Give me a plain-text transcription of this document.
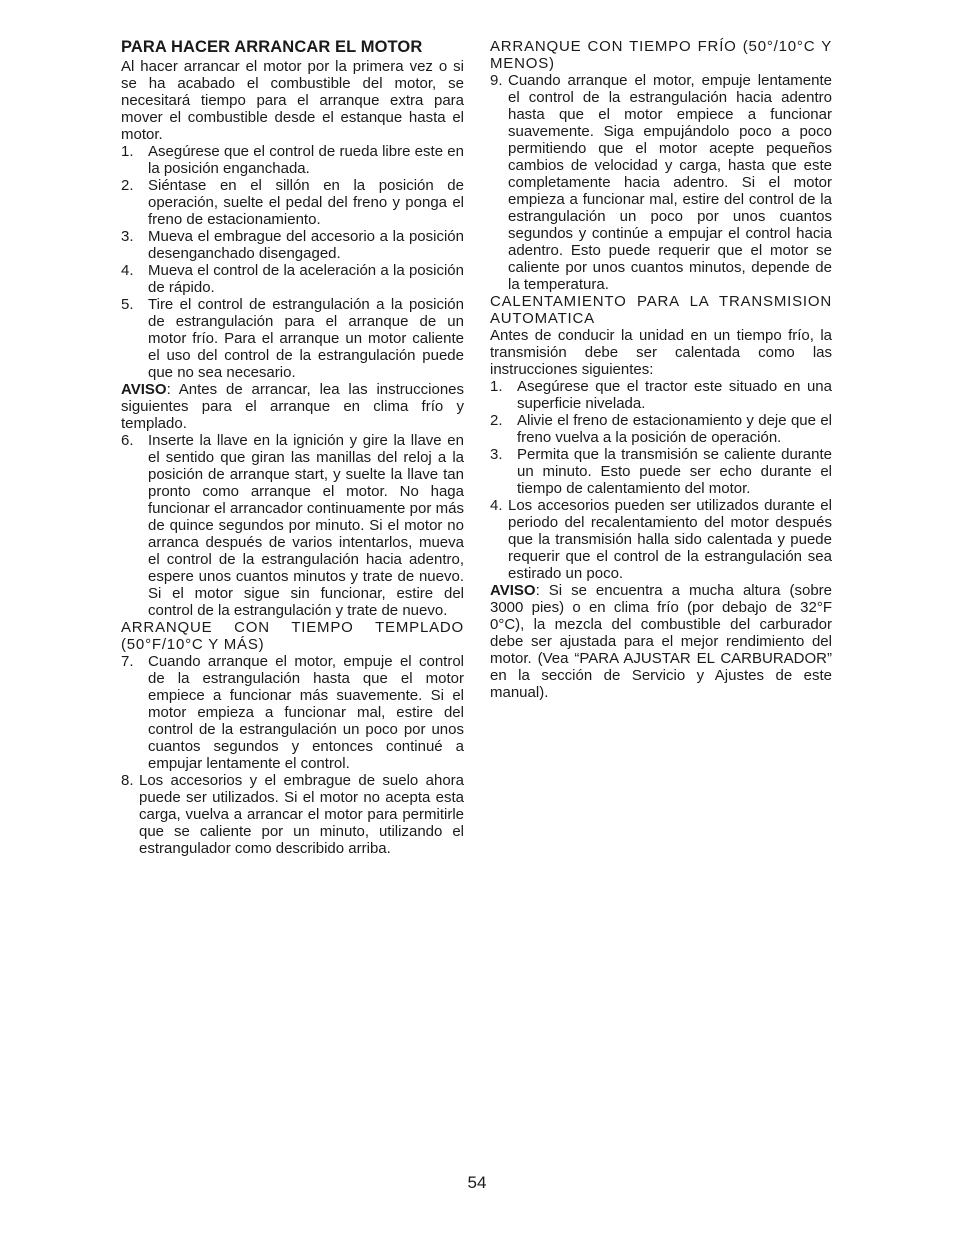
PARA HACER ARRANCAR EL MOTOR

Al hacer arrancar el motor por la primera vez o si se ha acabado el combustible del motor, se necesitará tiempo para el arranque extra para mover el combustible desde el estanque hasta el motor.

1. Asegúrese que el control de rueda libre este en la posición enganchada.
2. Siéntase en el sillón en la posición de operación, suelte el pedal del freno y ponga el freno de estacionamiento.
3. Mueva el embrague del accesorio a la posición desenganchado disengaged.
4. Mueva el control de la aceleración a la posición de rápido.
5. Tire el control de estrangulación a la posición de estrangulación para el arranque de un motor frío. Para el arranque un motor caliente el uso del control de la estrangulación puede que no sea necesario.

AVISO: Antes de arrancar, lea las instrucciones siguientes para el arranque en clima frío y templado.

6. Inserte la llave en la ignición y gire la llave en el sentido que giran las manillas del reloj a la posición de arranque start, y suelte la llave tan pronto como arranque el motor. No haga funcionar el arrancador continuamente por más de quince segundos por minuto. Si el motor no arranca después de varios intentarlos, mueva el control de la estrangulación hacia adentro, espere unos cuantos minutos y trate de nuevo. Si el motor sigue sin funcionar, estire del control de la estrangulación y trate de nuevo.

ARRANQUE CON TIEMPO TEMPLADO (50°F/10°C Y MÁS)

7. Cuando arranque el motor, empuje el control de la estrangulación hasta que el motor empiece a funcionar más suavemente. Si el motor empieza a funcionar mal, estire del control de la estrangulación un poco por unos cuantos segundos y entonces continué a empujar lentamente el control.
8. Los accesorios y el embrague de suelo ahora puede ser utilizados. Si el motor no acepta esta carga, vuelva a arrancar el motor para permitirle que se caliente por un minuto, utilizando el estrangulador como describido arriba.

ARRANQUE CON TIEMPO FRÍO (50°/10°C Y MENOS)

9. Cuando arranque el motor, empuje lentamente el control de la estrangulación hacia adentro hasta que el motor empiece a funcionar suavemente. Siga empujándolo poco a poco permitiendo que el motor acepte pequeños cambios de velocidad y carga, hasta que este completamente hacia adentro. Si el motor empieza a funcionar mal, estire del control de la estrangulación un poco por unos cuantos segundos y continúe a empujar el control hacia adentro. Esto puede requerir que el motor se caliente por unos cuantos minutos, depende de la temperatura.

CALENTAMIENTO PARA LA TRANSMISION AUTOMATICA

Antes de conducir la unidad en un tiempo frío, la transmisión debe ser calentada como las instrucciones siguientes:

1. Asegúrese que el tractor este situado en una superficie nivelada.
2. Alivie el freno de estacionamiento y deje que el freno vuelva a la posición de operación.
3. Permita que la transmisión se caliente durante un minuto. Esto puede ser echo durante el tiempo de calentamiento del motor.
4. Los accesorios pueden ser utilizados durante el periodo del recalentamiento del motor después que la transmisión halla sido calentada y puede requerir que el control de la estrangulación sea estirado un poco.

AVISO: Si se encuentra a mucha altura (sobre 3000 pies) o en clima frío (por debajo de 32°F 0°C), la mezcla del combustible del carburador debe ser ajustada para el mejor rendimiento del motor. (Vea “PARA AJUSTAR EL CARBURADOR” en la sección de Servicio y Ajustes de este manual).

54
